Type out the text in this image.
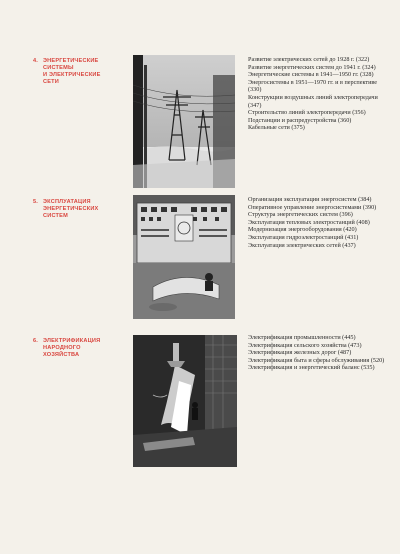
4. ЭНЕРГЕТИЧЕСКИЕ
СИСТЕМЫ
И ЭЛЕКТРИЧЕСКИЕ
СЕТИ

Развитие электрических сетей до 1928 г. (322)

Развитие энергетических систем до 1941 г. (324)

Энергетические системы в 1941—1950 гг. (328)

Энергосистемы в 1951—1970 гг. и в перспективе (330)

Конструкции воздушных линий электропередачи (347)

Строительство линий электропередачи (356)

Подстанции и распредустройства (360)

Кабельные сети (375)

5. ЭКСПЛУАТАЦИЯ
ЭНЕРГЕТИЧЕСКИХ
СИСТЕМ

Организация эксплуатации энергосистем (384)

Оперативное управление энергосистемами (390)

Структура энергетических систем (396)

Эксплуатация тепловых электростанций (408)

Модернизация энергооборудования (420)

Эксплуатация гидроэлектростанций (431)

Эксплуатация электрических сетей (437)

6. ЭЛЕКТРИФИКАЦИЯ
НАРОДНОГО
ХОЗЯЙСТВА

Электрификация промышленности (445)

Электрификация сельского хозяйства (473)

Электрификация железных дорог (487)

Электрификация быта и сферы обслуживания (520)

Электрификация и энергетический баланс (535)
